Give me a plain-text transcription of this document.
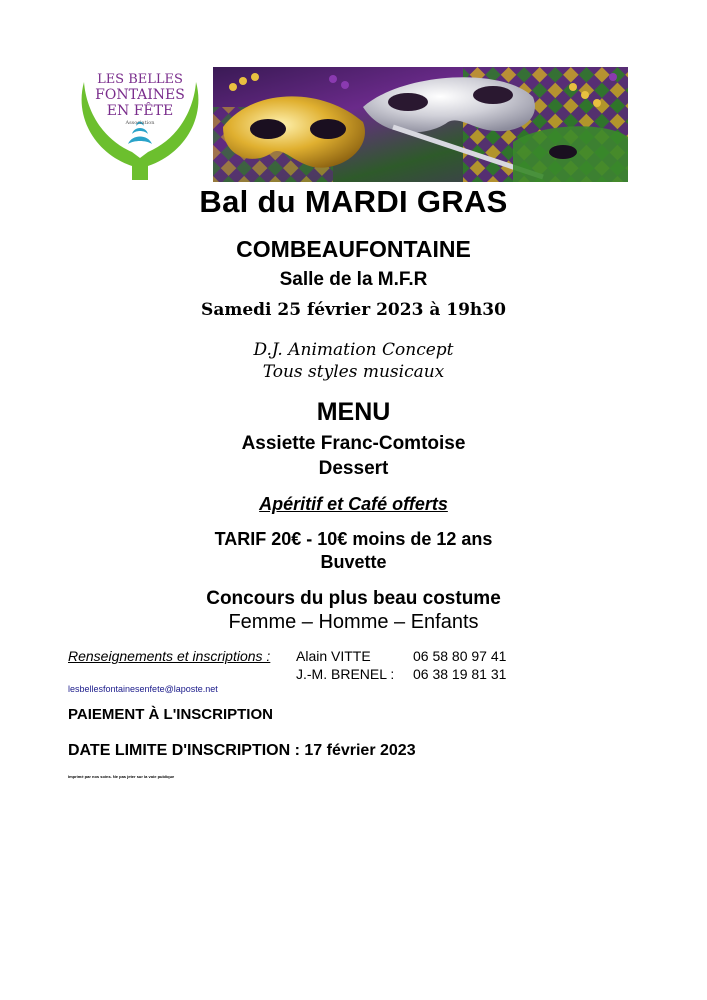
LES BELLES
FONTAINES
EN FÊTE
Association
Bal du MARDI GRAS
COMBEAUFONTAINE
Salle de la M.F.R
Samedi 25 février 2023 à 19h30
D.J. Animation Concept
Tous styles musicaux
MENU
Assiette Franc-Comtoise
Dessert
Apéritif et Café offerts
TARIF 20€ - 10€ moins de 12 ans
Buvette
Concours du plus beau costume
Femme – Homme – Enfants
Renseignements et inscriptions : Alain VITTE	06 58 80 97 41
J.-M. BRENEL : 06 38 19 81 31
lesbellesfontainesenfete@laposte.net
PAIEMENT À L'INSCRIPTION
DATE LIMITE D'INSCRIPTION : 17 février 2023
Imprimé par nos soins. Ne pas jeter sur la voie publique
